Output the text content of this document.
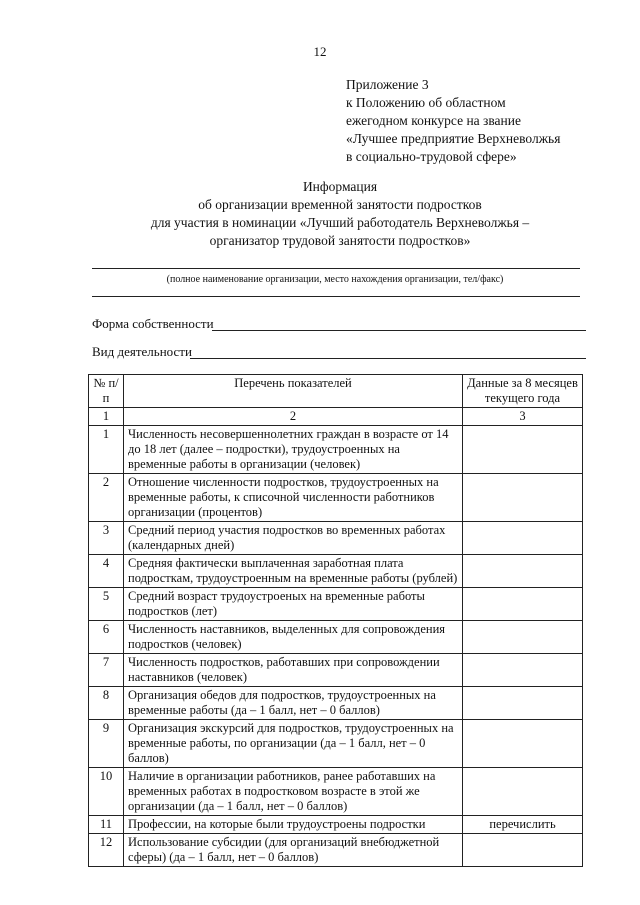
12
Приложение 3
к Положению об областном
ежегодном конкурсе на звание
«Лучшее предприятие Верхневолжья
в социально-трудовой сфере»
Информация
об организации временной занятости подростков
для участия в номинации «Лучший работодатель Верхневолжья –
организатор трудовой занятости подростков»
(полное наименование организации, место нахождения организации, тел/факс)
Форма собственности
Вид деятельности
№ п/п	Перечень показателей	Данные за 8 месяцев текущего года
1	2	3
1	Численность несовершеннолетних граждан в возрасте от 14 до 18 лет (далее – подростки), трудоустроенных на временные работы в организации (человек)	
2	Отношение численности подростков, трудоустроенных на временные работы, к списочной численности работников организации (процентов)	
3	Средний период участия подростков во временных работах (календарных дней)	
4	Средняя фактически выплаченная заработная плата подросткам, трудоустроенным на временные работы (рублей)	
5	Средний возраст трудоустроеных на временные работы подростков (лет)	
6	Численность наставников, выделенных для сопровождения подростков (человек)	
7	Численность подростков, работавших при сопровождении наставников (человек)	
8	Организация обедов для подростков, трудоустроенных на временные работы (да – 1 балл, нет – 0 баллов)	
9	Организация экскурсий для подростков, трудоустроенных на временные работы, по организации (да – 1 балл, нет – 0 баллов)	
10	Наличие в организации работников, ранее работавших на временных работах в подростковом возрасте в этой же организации (да – 1 балл, нет – 0 баллов)	
11	Профессии, на которые были трудоустроены подростки	перечислить
12	Использование субсидии (для организаций внебюджетной сферы) (да – 1 балл, нет – 0 баллов)	
